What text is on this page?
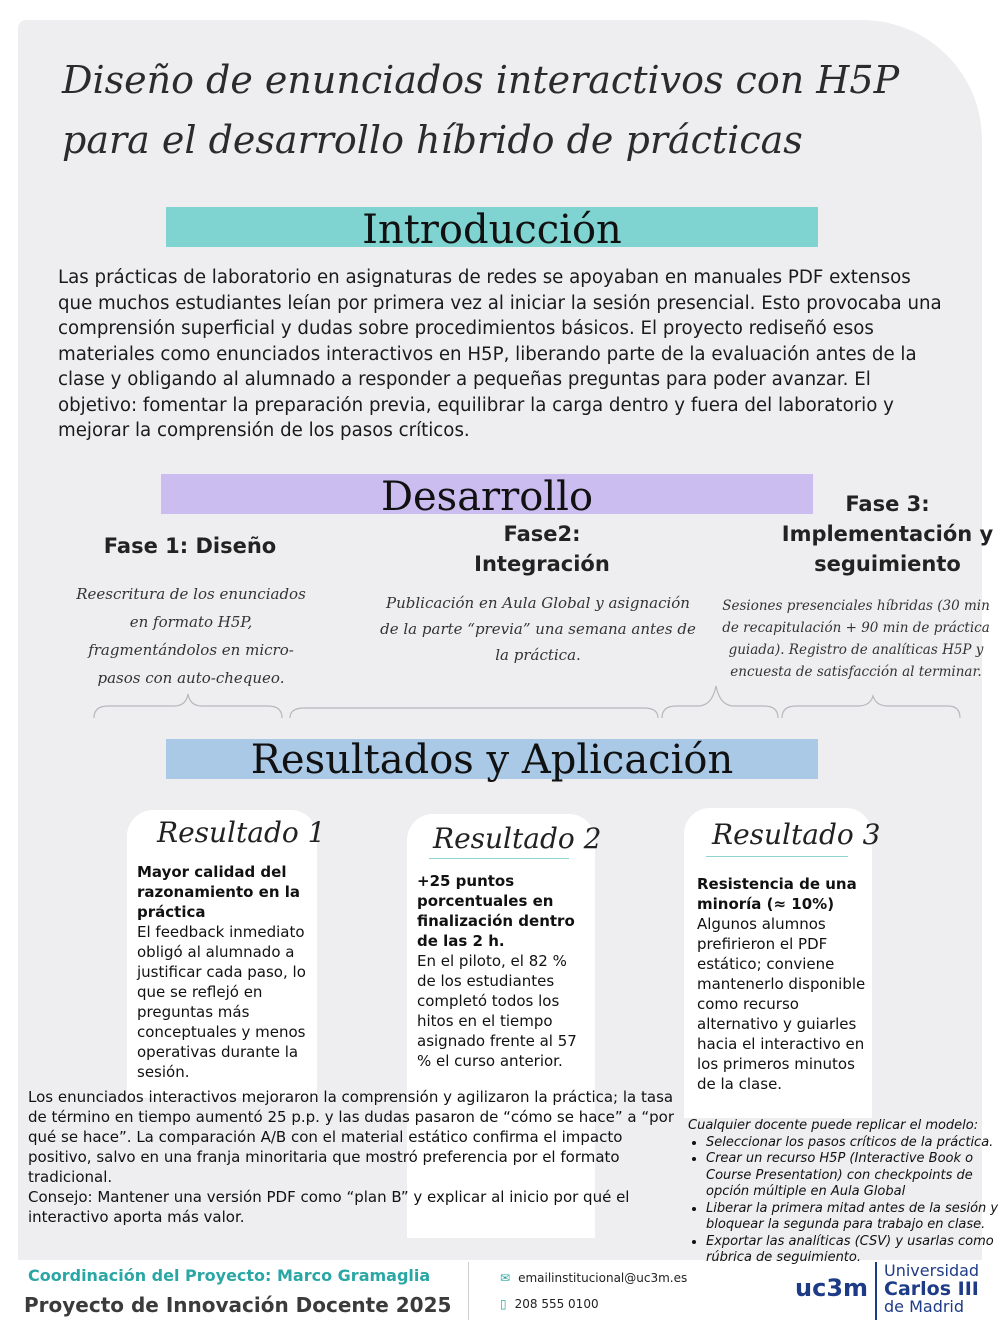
Diseño de enunciados interactivos con H5P para el desarrollo híbrido de prácticas
Introducción

Las prácticas de laboratorio en asignaturas de redes se apoyaban en manuales PDF extensos que muchos estudiantes leían por primera vez al iniciar la sesión presencial. Esto provocaba una comprensión superficial y dudas sobre procedimientos básicos. El proyecto rediseñó esos materiales como enunciados interactivos en H5P, liberando parte de la evaluación antes de la clase y obligando al alumnado a responder a pequeñas preguntas para poder avanzar. El objetivo: fomentar la preparación previa, equilibrar la carga dentro y fuera del laboratorio y mejorar la comprensión de los pasos críticos.

Desarrollo
Fase 1: Diseño

Reescritura de los enunciados en formato H5P, fragmentándolos en micro-pasos con auto-chequeo.

Fase2: Integración

Publicación en Aula Global y asignación de la parte “previa” una semana antes de la práctica.

Fase 3: Implementación y seguimiento

Sesiones presenciales híbridas (30 min de recapitulación + 90 min de práctica guiada). Registro de analíticas H5P y encuesta de satisfacción al terminar.

Resultados y Aplicación
Resultado 1

Mayor calidad del razonamiento en la práctica
El feedback inmediato obligó al alumnado a justificar cada paso, lo que se reflejó en preguntas más conceptuales y menos operativas durante la sesión.

Resultado 2

+25 puntos porcentuales en finalización dentro de las 2 h.
En el piloto, el 82 % de los estudiantes completó todos los hitos en el tiempo asignado frente al 57 % el curso anterior.

Resultado 3

Resistencia de una minoría (≈ 10%)
Algunos alumnos prefirieron el PDF estático; conviene mantenerlo disponible como recurso alternativo y guiarles hacia el interactivo en los primeros minutos de la clase.

Los enunciados interactivos mejoraron la comprensión y agilizaron la práctica; la tasa de término en tiempo aumentó 25 p.p. y las dudas pasaron de “cómo se hace” a “por qué se hace”. La comparación A/B con el material estático confirma el impacto positivo, salvo en una franja minoritaria que mostró preferencia por el formato tradicional.
Consejo: Mantener una versión PDF como “plan B” y explicar al inicio por qué el interactivo aporta más valor.

Cualquier docente puede replicar el modelo:
• Seleccionar los pasos críticos de la práctica.
• Crear un recurso H5P (Interactive Book o Course Presentation) con checkpoints de opción múltiple en Aula Global
• Liberar la primera mitad antes de la sesión y bloquear la segunda para trabajo en clase.
• Exportar las analíticas (CSV) y usarlas como rúbrica de seguimiento.
Coordinación del Proyecto: Marco Gramaglia
Proyecto de Innovación Docente 2025
✉ emailinstitucional@uc3m.es
▯ 208 555 0100
uc3m
Universidad
Carlos III
de Madrid
